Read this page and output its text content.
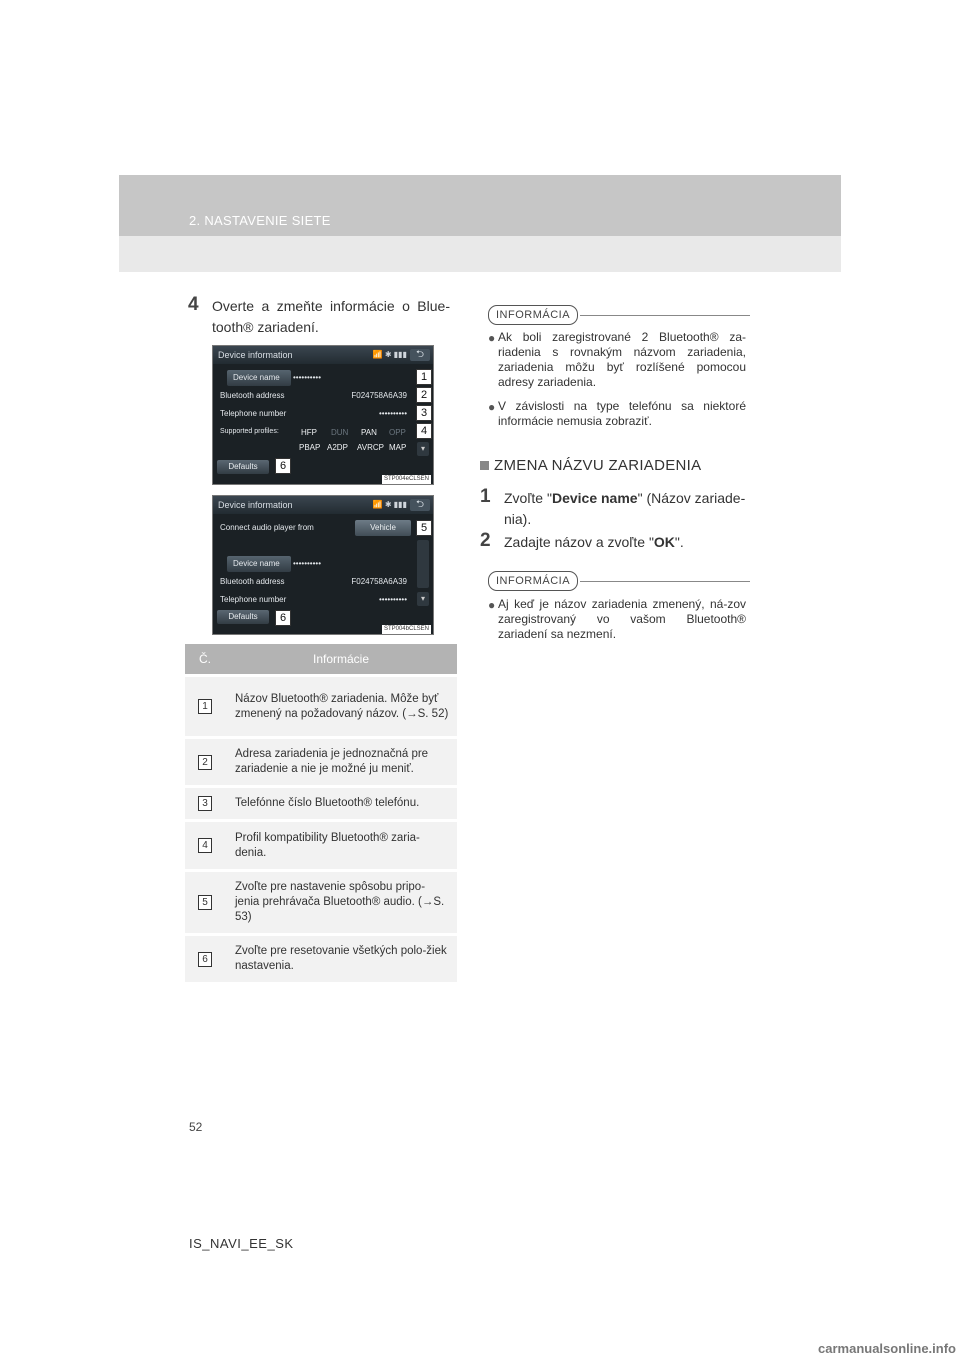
2. NASTAVENIE SIETE
4 Overte a zmeňte informácie o Blue-tooth® zariadení.
Device information	📶 ✱ ▮▮▮ ⮌
Device name ••••••••••
Bluetooth address	F024758A6A39
Telephone number	••••••••••
Supported profiles:	HFP DUN PAN OPP
PBAP A2DP AVRCP MAP	▾
Defaults
STP004eCLSEN
1
2
3
4
6
Device information	📶 ✱ ▮▮▮ ⮌
Connect audio player from	Vehicle
Device name ••••••••••
Bluetooth address	F024758A6A39
Telephone number	••••••••••	▾
Defaults
STP004bCLSEN
5
6
Č.	Informácie
1	Názov Bluetooth® zariadenia. Môže byť zmenený na požadovaný názov. (→S. 52)
2	Adresa zariadenia je jednoznačná pre zariadenie a nie je možné ju meniť.
3	Telefónne číslo Bluetooth® telefónu.
4	Profil kompatibility Bluetooth® zaria-denia.
5	Zvoľte pre nastavenie spôsobu pripo-jenia prehrávača Bluetooth® audio. (→S. 53)
6	Zvoľte pre resetovanie všetkých polo-žiek nastavenia.
INFORMÁCIA
● Ak boli zaregistrované 2 Bluetooth® za-riadenia s rovnakým názvom zariadenia, zariadenia môžu byť rozlíšené pomocou adresy zariadenia.
● V závislosti na type telefónu sa niektoré informácie nemusia zobraziť.
ZMENA NÁZVU ZARIADENIA
1 Zvoľte "Device name" (Názov zariade-nia).
2 Zadajte názov a zvoľte "OK".
INFORMÁCIA
● Aj keď je názov zariadenia zmenený, ná-zov zaregistrovaný vo vašom Bluetooth® zariadení sa nezmení.
52
IS_NAVI_EE_SK
carmanualsonline.info
